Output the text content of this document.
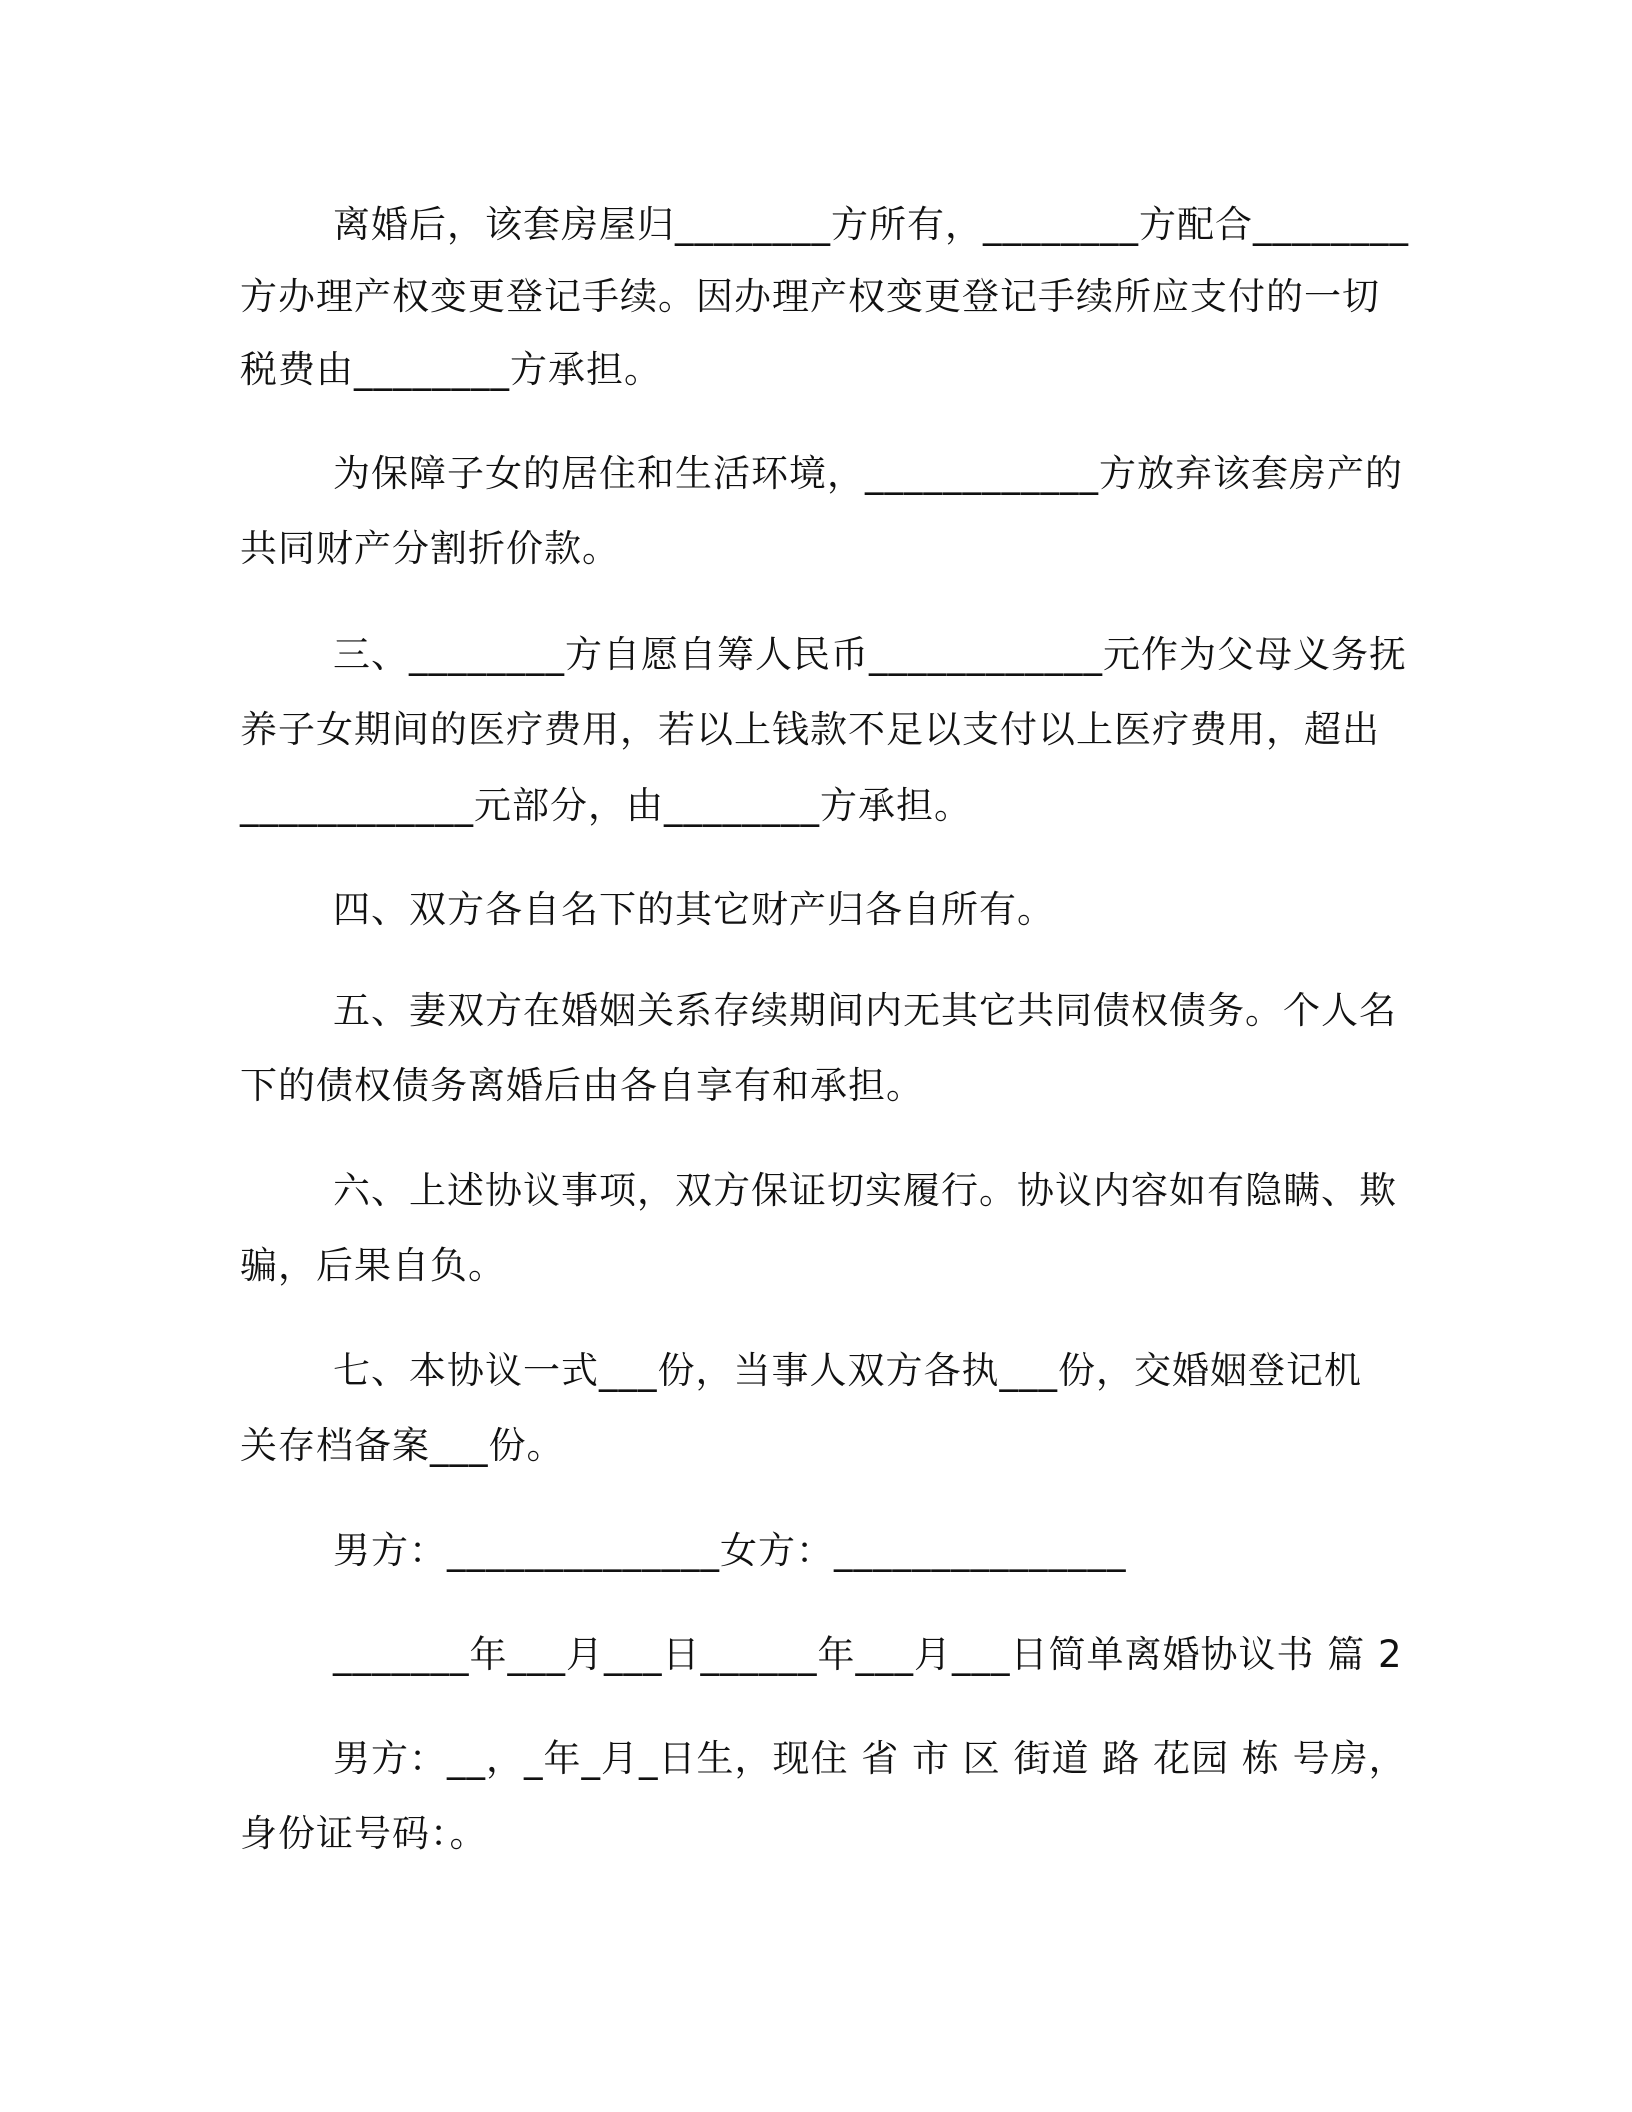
离婚后，该套房屋归________方所有，________方配合________
方办理产权变更登记手续。因办理产权变更登记手续所应支付的一切
税费由________方承担。
为保障子女的居住和生活环境，____________方放弃该套房产的
共同财产分割折价款。
三、________方自愿自筹人民币____________元作为父母义务抚
养子女期间的医疗费用，若以上钱款不足以支付以上医疗费用，超出
____________元部分，由________方承担。
四、双方各自名下的其它财产归各自所有。
五、妻双方在婚姻关系存续期间内无其它共同债权债务。个人名
下的债权债务离婚后由各自享有和承担。
六、上述协议事项，双方保证切实履行。协议内容如有隐瞒、欺
骗，后果自负。
七、本协议一式___份，当事人双方各执___份，交婚姻登记机
关存档备案___份。
男方：______________女方：_______________
_______年___月___日______年___月___日简单离婚协议书 篇 2
男方：__，_年_月_日生，现住 省 市 区 街道 路 花园 栋 号房，
身份证号码：。
